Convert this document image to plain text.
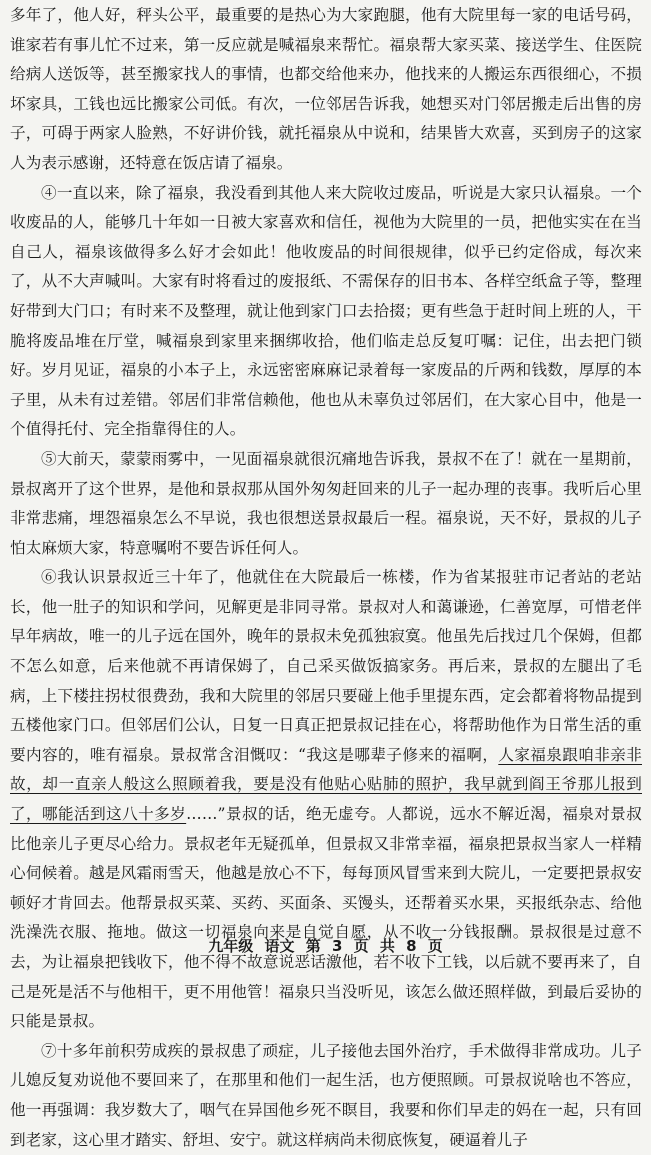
多年了，他人好，秤头公平，最重要的是热心为大家跑腿，他有大院里每一家的电话号码，谁家若有事儿忙不过来，第一反应就是喊福泉来帮忙。福泉帮大家买菜、接送学生、住医院给病人送饭等，甚至搬家找人的事情，也都交给他来办，他找来的人搬运东西很细心，不损坏家具，工钱也远比搬家公司低。有次，一位邻居告诉我，她想买对门邻居搬走后出售的房子，可碍于两家人脸熟，不好讲价钱，就托福泉从中说和，结果皆大欢喜，买到房子的这家人为表示感谢，还特意在饭店请了福泉。

④一直以来，除了福泉，我没看到其他人来大院收过废品，听说是大家只认福泉。一个收废品的人，能够几十年如一日被大家喜欢和信任，视他为大院里的一员，把他实实在在当自己人，福泉该做得多么好才会如此！他收废品的时间很规律，似乎已约定俗成，每次来了，从不大声喊叫。大家有时将看过的废报纸、不需保存的旧书本、各样空纸盒子等，整理好带到大门口；有时来不及整理，就让他到家门口去拾掇；更有些急于赶时间上班的人，干脆将废品堆在厅堂，喊福泉到家里来捆绑收拾，他们临走总反复叮嘱：记住，出去把门锁好。岁月见证，福泉的小本子上，永远密密麻麻记录着每一家废品的斤两和钱数，厚厚的本子里，从未有过差错。邻居们非常信赖他，他也从未辜负过邻居们，在大家心目中，他是一个值得托付、完全指靠得住的人。

⑤大前天，蒙蒙雨雾中，一见面福泉就很沉痛地告诉我，景叔不在了！就在一星期前，景叔离开了这个世界，是他和景叔那从国外匆匆赶回来的儿子一起办理的丧事。我听后心里非常悲痛，埋怨福泉怎么不早说，我也很想送景叔最后一程。福泉说，天不好，景叔的儿子怕太麻烦大家，特意嘱咐不要告诉任何人。

⑥我认识景叔近三十年了，他就住在大院最后一栋楼，作为省某报驻市记者站的老站长，他一肚子的知识和学问，见解更是非同寻常。景叔对人和蔼谦逊，仁善宽厚，可惜老伴早年病故，唯一的儿子远在国外，晚年的景叔未免孤独寂寞。他虽先后找过几个保姆，但都不怎么如意，后来他就不再请保姆了，自己采买做饭搞家务。再后来，景叔的左腿出了毛病，上下楼拄拐杖很费劲，我和大院里的邻居只要碰上他手里提东西，定会都着将物品提到五楼他家门口。但邻居们公认，日复一日真正把景叔记挂在心，将帮助他作为日常生活的重要内容的，唯有福泉。景叔常含泪慨叹：“我这是哪辈子修来的福啊，人家福泉跟咱非亲非故，却一直亲人般这么照顾着我，要是没有他贴心贴肺的照护，我早就到阎王爷那儿报到了，哪能活到这八十多岁……”景叔的话，绝无虚夸。人都说，远水不解近渴，福泉对景叔比他亲儿子更尽心给力。景叔老年无疑孤单，但景叔又非常幸福，福泉把景叔当家人一样精心伺候着。越是风霜雨雪天，他越是放心不下，每每顶风冒雪来到大院儿，一定要把景叔安顿好才肯回去。他帮景叔买菜、买药、买面条、买馒头，还帮着买水果，买报纸杂志、给他洗澡洗衣服、拖地。做这一切福泉向来是自觉自愿，从不收一分钱报酬。景叔很是过意不去，为让福泉把钱收下，他不得不故意说恶话激他，若不收下工钱，以后就不要再来了，自己是死是活不与他相干，更不用他管！福泉只当没听见，该怎么做还照样做，到最后妥协的只能是景叔。

⑦十多年前积劳成疾的景叔患了顽症，儿子接他去国外治疗，手术做得非常成功。儿子儿媳反复劝说他不要回来了，在那里和他们一起生活，也方便照顾。可景叔说啥也不答应，他一再强调：我岁数大了，咽气在异国他乡死不瞑目，我要和你们早走的妈在一起，只有回到老家，这心里才踏实、舒坦、安宁。就这样病尚未彻底恢复，硬逼着儿子

九年级 语文 第 3 页 共 8 页
